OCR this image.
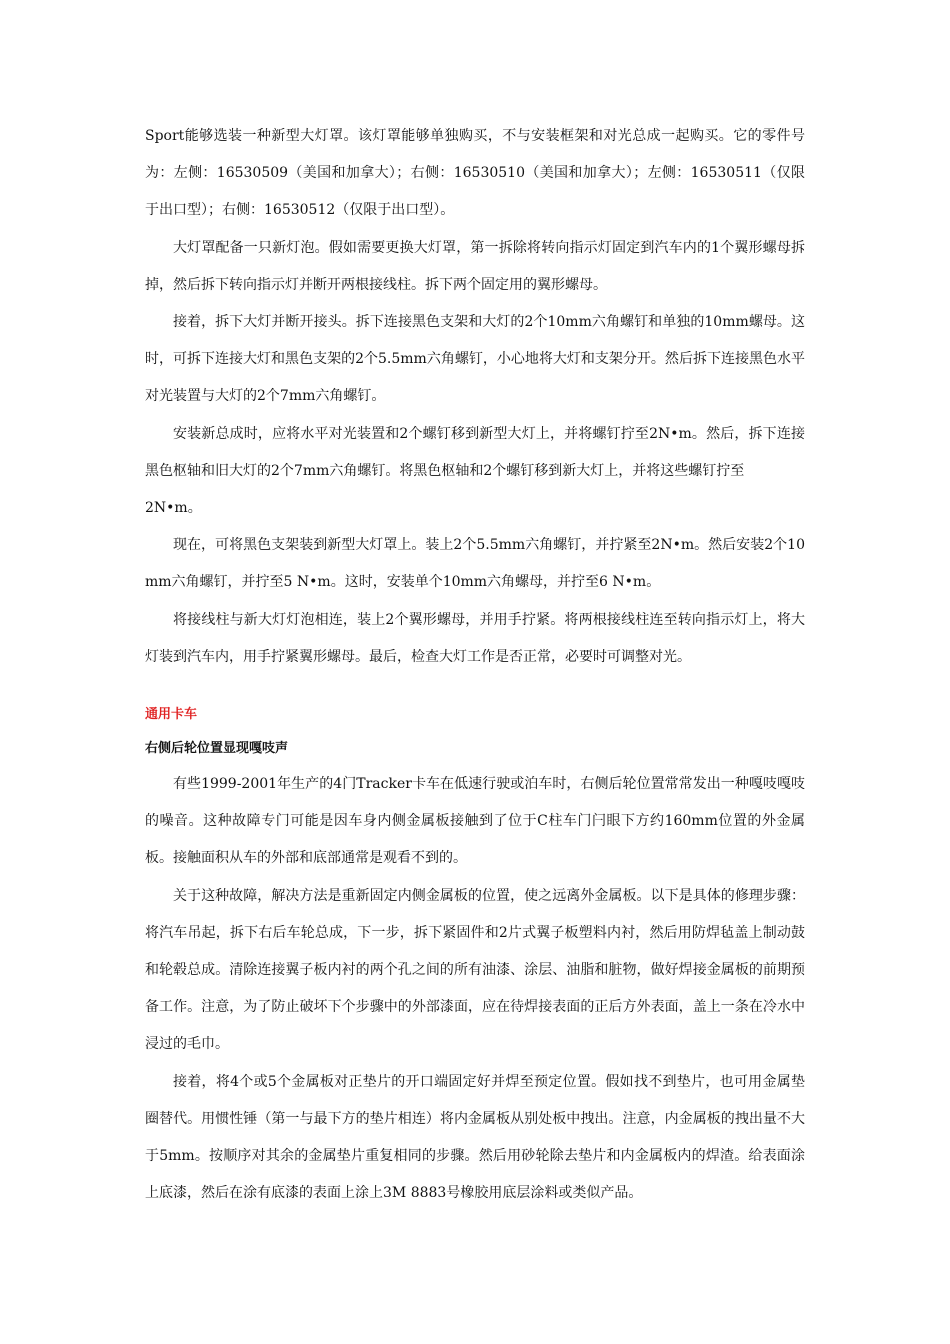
Sport能够选装一种新型大灯罩。该灯罩能够单独购买，不与安装框架和对光总成一起购买。它的零件号为：左侧：16530509（美国和加拿大）；右侧：16530510（美国和加拿大）；左侧：16530511（仅限于出口型）；右侧：16530512（仅限于出口型）。

大灯罩配备一只新灯泡。假如需要更换大灯罩，第一拆除将转向指示灯固定到汽车内的1个翼形螺母拆掉，然后拆下转向指示灯并断开两根接线柱。拆下两个固定用的翼形螺母。

接着，拆下大灯并断开接头。拆下连接黑色支架和大灯的2个10mm六角螺钉和单独的10mm螺母。这时，可拆下连接大灯和黑色支架的2个5.5mm六角螺钉，小心地将大灯和支架分开。然后拆下连接黑色水平对光装置与大灯的2个7mm六角螺钉。

安装新总成时，应将水平对光装置和2个螺钉移到新型大灯上，并将螺钉拧至2N•m。然后，拆下连接黑色枢轴和旧大灯的2个7mm六角螺钉。将黑色枢轴和2个螺钉移到新大灯上，并将这些螺钉拧至

2N•m。

现在，可将黑色支架装到新型大灯罩上。装上2个5.5mm六角螺钉，并拧紧至2N•m。然后安装2个10mm六角螺钉，并拧至5 N•m。这时，安装单个10mm六角螺母，并拧至6 N•m。

将接线柱与新大灯灯泡相连，装上2个翼形螺母，并用手拧紧。将两根接线柱连至转向指示灯上，将大灯装到汽车内，用手拧紧翼形螺母。最后，检查大灯工作是否正常，必要时可调整对光。

通用卡车
右侧后轮位置显现嘎吱声

有些1999-2001年生产的4门Tracker卡车在低速行驶或泊车时，右侧后轮位置常常发出一种嘎吱嘎吱的噪音。这种故障专门可能是因车身内侧金属板接触到了位于C柱车门闩眼下方约160mm位置的外金属板。接触面积从车的外部和底部通常是观看不到的。

关于这种故障，解决方法是重新固定内侧金属板的位置，使之远离外金属板。以下是具体的修理步骤：将汽车吊起，拆下右后车轮总成，下一步，拆下紧固件和2片式翼子板塑料内衬，然后用防焊毡盖上制动鼓和轮毂总成。清除连接翼子板内衬的两个孔之间的所有油漆、涂层、油脂和脏物，做好焊接金属板的前期预备工作。注意，为了防止破坏下个步骤中的外部漆面，应在待焊接表面的正后方外表面，盖上一条在冷水中浸过的毛巾。

接着，将4个或5个金属板对正垫片的开口端固定好并焊至预定位置。假如找不到垫片，也可用金属垫圈替代。用惯性锤（第一与最下方的垫片相连）将内金属板从别处板中拽出。注意，内金属板的拽出量不大于5mm。按顺序对其余的金属垫片重复相同的步骤。然后用砂轮除去垫片和内金属板内的焊渣。给表面涂上底漆，然后在涂有底漆的表面上涂上3M 8883号橡胶用底层涂料或类似产品。
